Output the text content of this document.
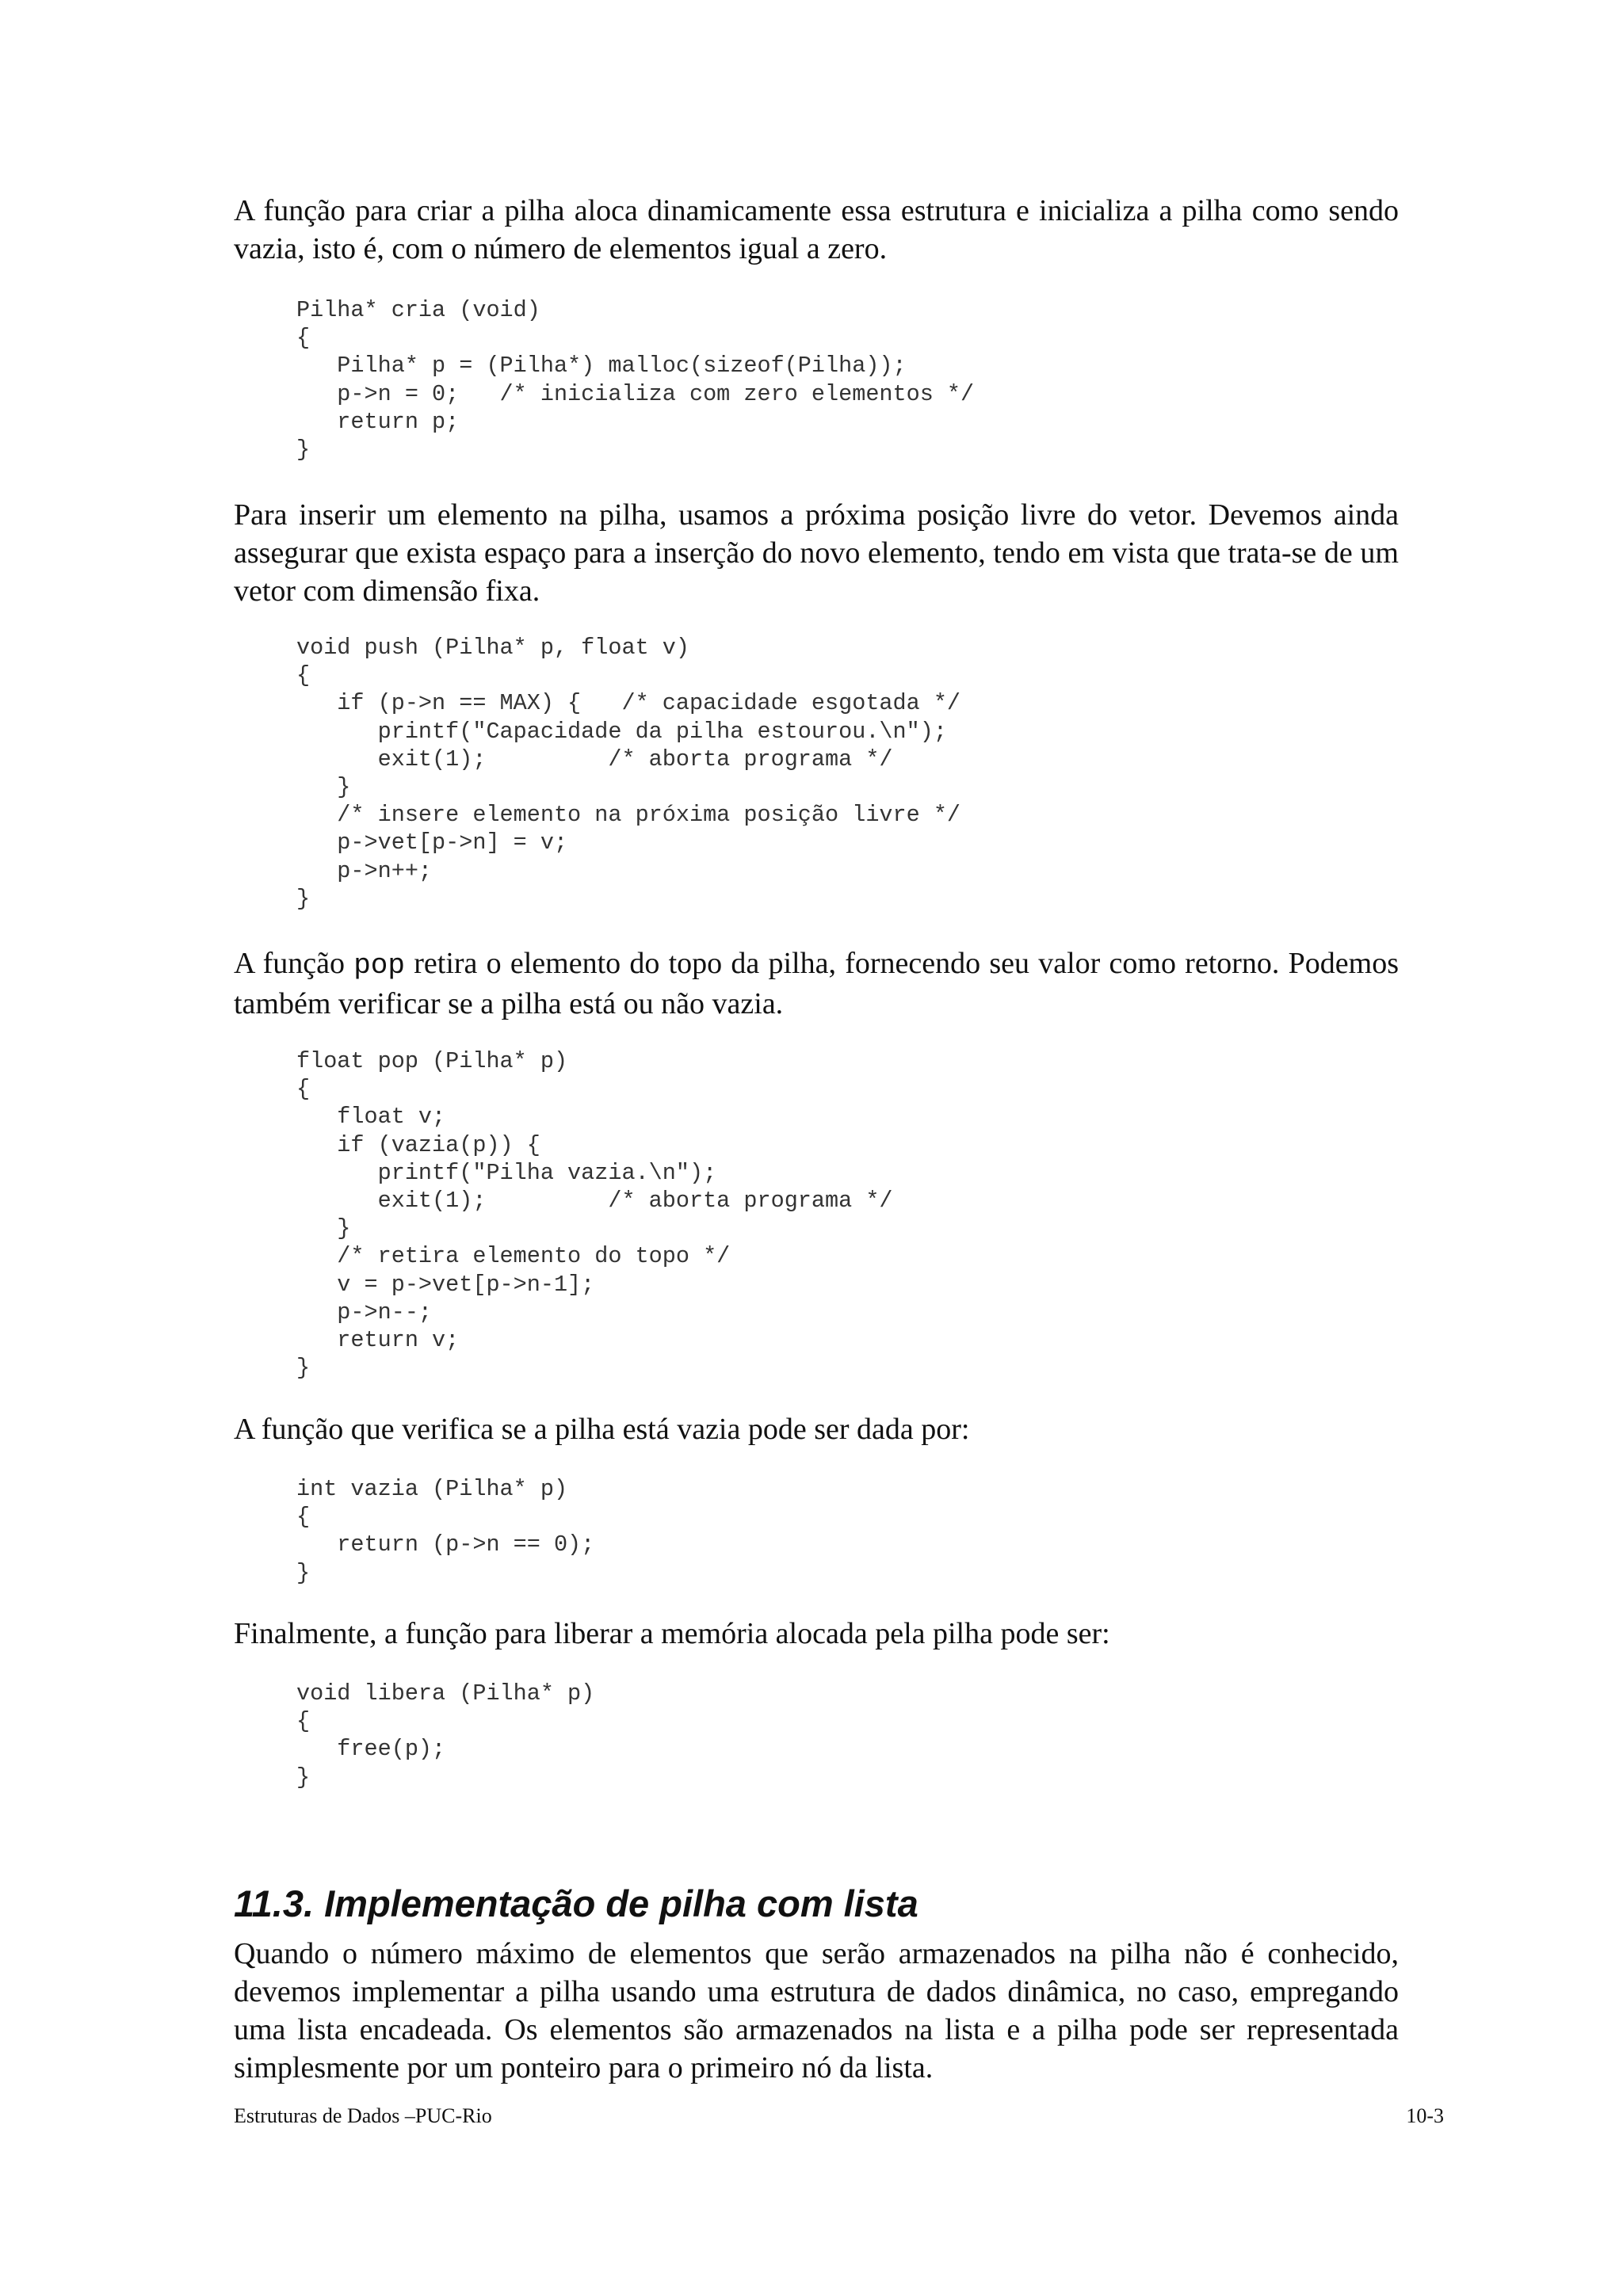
A função para criar a pilha aloca dinamicamente essa estrutura e inicializa a pilha como sendo vazia, isto é, com o número de elementos igual a zero.

Pilha* cria (void)
{
Pilha* p = (Pilha*) malloc(sizeof(Pilha));
p->n = 0;   /* inicializa com zero elementos */
return p;
}

Para inserir um elemento na pilha, usamos a próxima posição livre do vetor. Devemos ainda assegurar que exista espaço para a inserção do novo elemento, tendo em vista que trata-se de um vetor com dimensão fixa.

void push (Pilha* p, float v)
{
if (p->n == MAX) {   /* capacidade esgotada */
printf("Capacidade da pilha estourou.\n");
exit(1);         /* aborta programa */
}
/* insere elemento na próxima posição livre */
p->vet[p->n] = v;
p->n++;
}

A função pop retira o elemento do topo da pilha, fornecendo seu valor como retorno. Podemos também verificar se a pilha está ou não vazia.

float pop (Pilha* p)
{
float v;
if (vazia(p)) {
printf("Pilha vazia.\n");
exit(1);         /* aborta programa */
}
/* retira elemento do topo */
v = p->vet[p->n-1];
p->n--;
return v;
}

A função que verifica se a pilha está vazia pode ser dada por:

int vazia (Pilha* p)
{
return (p->n == 0);
}

Finalmente, a função para liberar a memória alocada pela pilha pode ser:

void libera (Pilha* p)
{
free(p);
}
11.3. Implementação de pilha com lista

Quando o número máximo de elementos que serão armazenados na pilha não é conhecido, devemos implementar a pilha usando uma estrutura de dados dinâmica, no caso, empregando uma lista encadeada. Os elementos são armazenados na lista e a pilha pode ser representada simplesmente por um ponteiro para o primeiro nó da lista.

Estruturas de Dados –PUC-Rio	10-3
